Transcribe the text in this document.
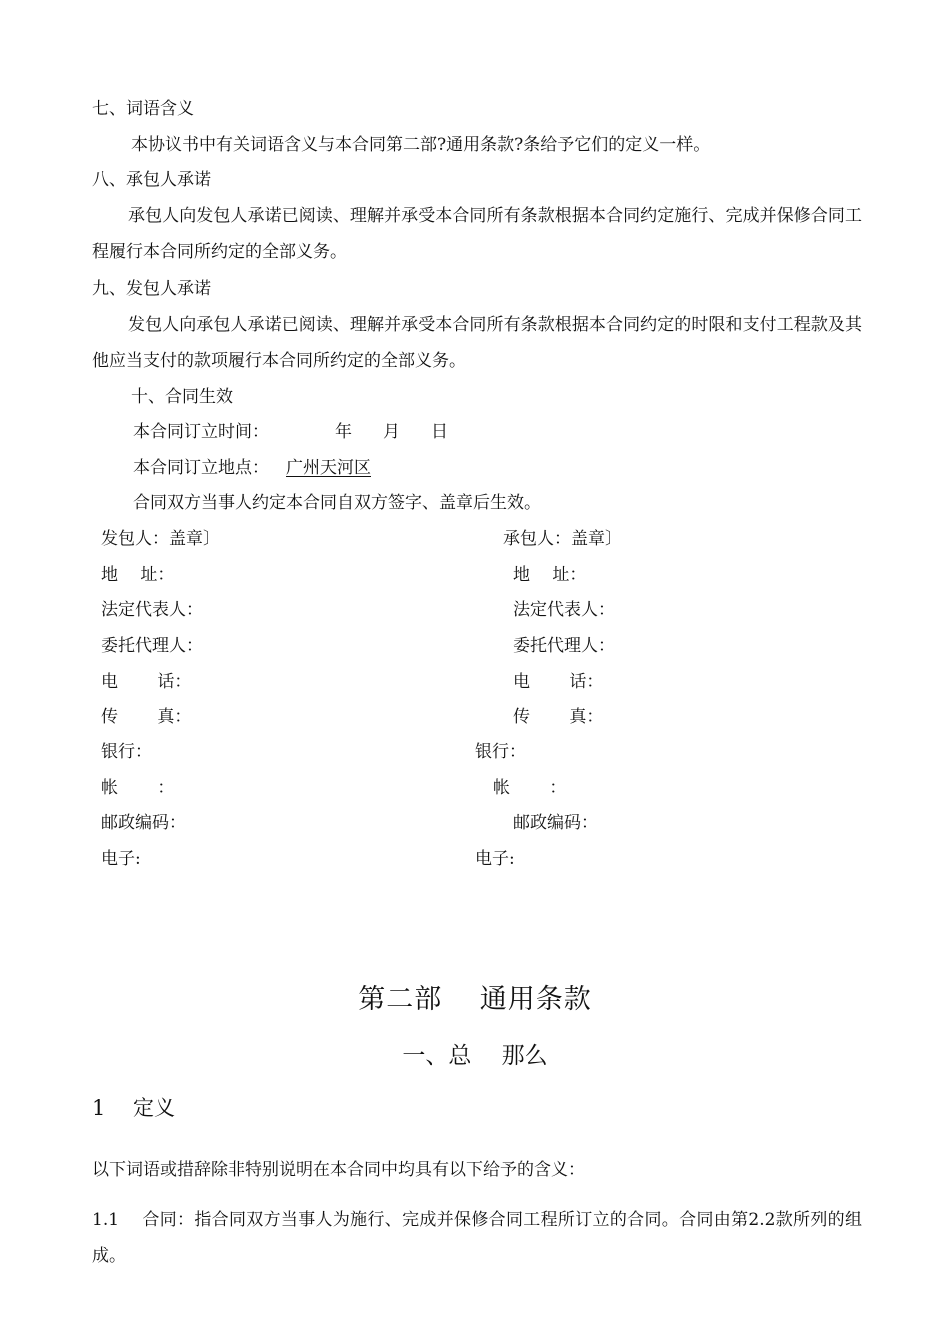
七、词语含义
本协议书中有关词语含义与本合同第二部?通用条款?条给予它们的定义一样。
八、承包人承诺
承包人向发包人承诺已阅读、理解并承受本合同所有条款根据本合同约定施行、完成并保修合同工程履行本合同所约定的全部义务。
九、发包人承诺
发包人向承包人承诺已阅读、理解并承受本合同所有条款根据本合同约定的时限和支付工程款及其他应当支付的款项履行本合同所约定的全部义务。
十、合同生效
本合同订立时间：	年 月 日
本合同订立地点： 广州天河区
合同双方当事人约定本合同自双方签字、盖章后生效。
发包人：盖章〕
地　 址：
法定代表人：
委托代理人：
电　　 话：
传　　 真：
银行：
帐　　 ：
邮政编码：
电子:
承包人：盖章〕
地　 址：
法定代表人：
委托代理人：
电　　 话：
传　　 真：
银行：
帐　　 ：
邮政编码：
电子:
第二部　 通用条款
一、总　 那么
1　 定义
以下词语或措辞除非特别说明在本合同中均具有以下给予的含义：
1.1　 合同：指合同双方当事人为施行、完成并保修合同工程所订立的合同。合同由第2.2款所列的组成。
